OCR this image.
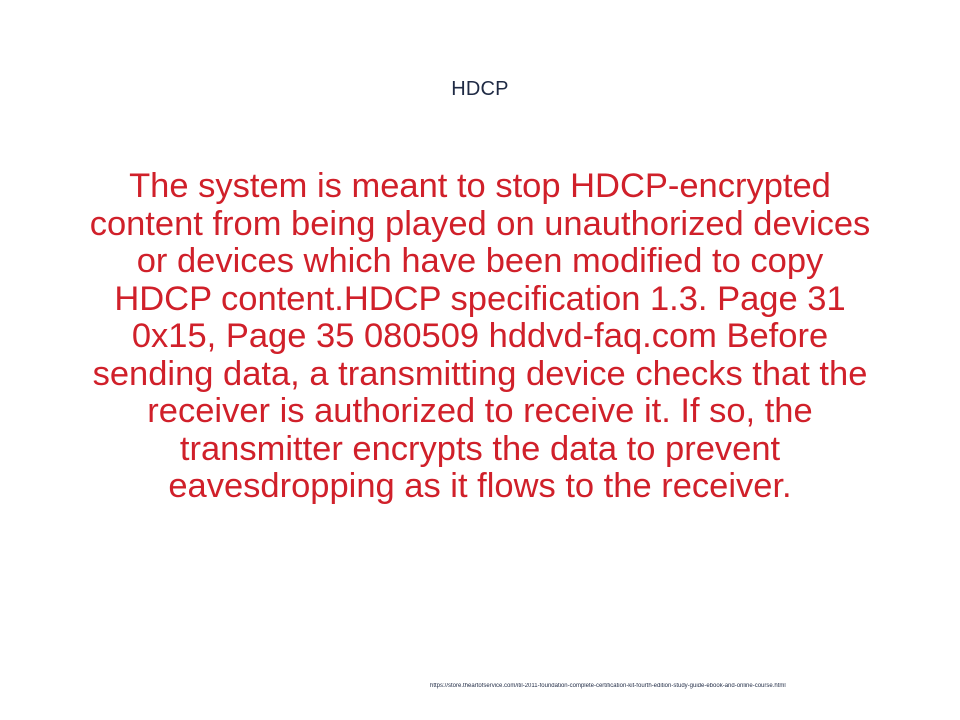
HDCP

The system is meant to stop HDCP-encrypted content from being played on unauthorized devices or devices which have been modified to copy HDCP content.HDCP specification 1.3. Page 31 0x15, Page 35 080509 hddvd-faq.com Before sending data, a transmitting device checks that the receiver is authorized to receive it. If so, the transmitter encrypts the data to prevent eavesdropping as it flows to the receiver.

https://store.theartofservice.com/itil-2011-foundation-complete-certification-kit-fourth-edition-study-guide-ebook-and-online-course.html
